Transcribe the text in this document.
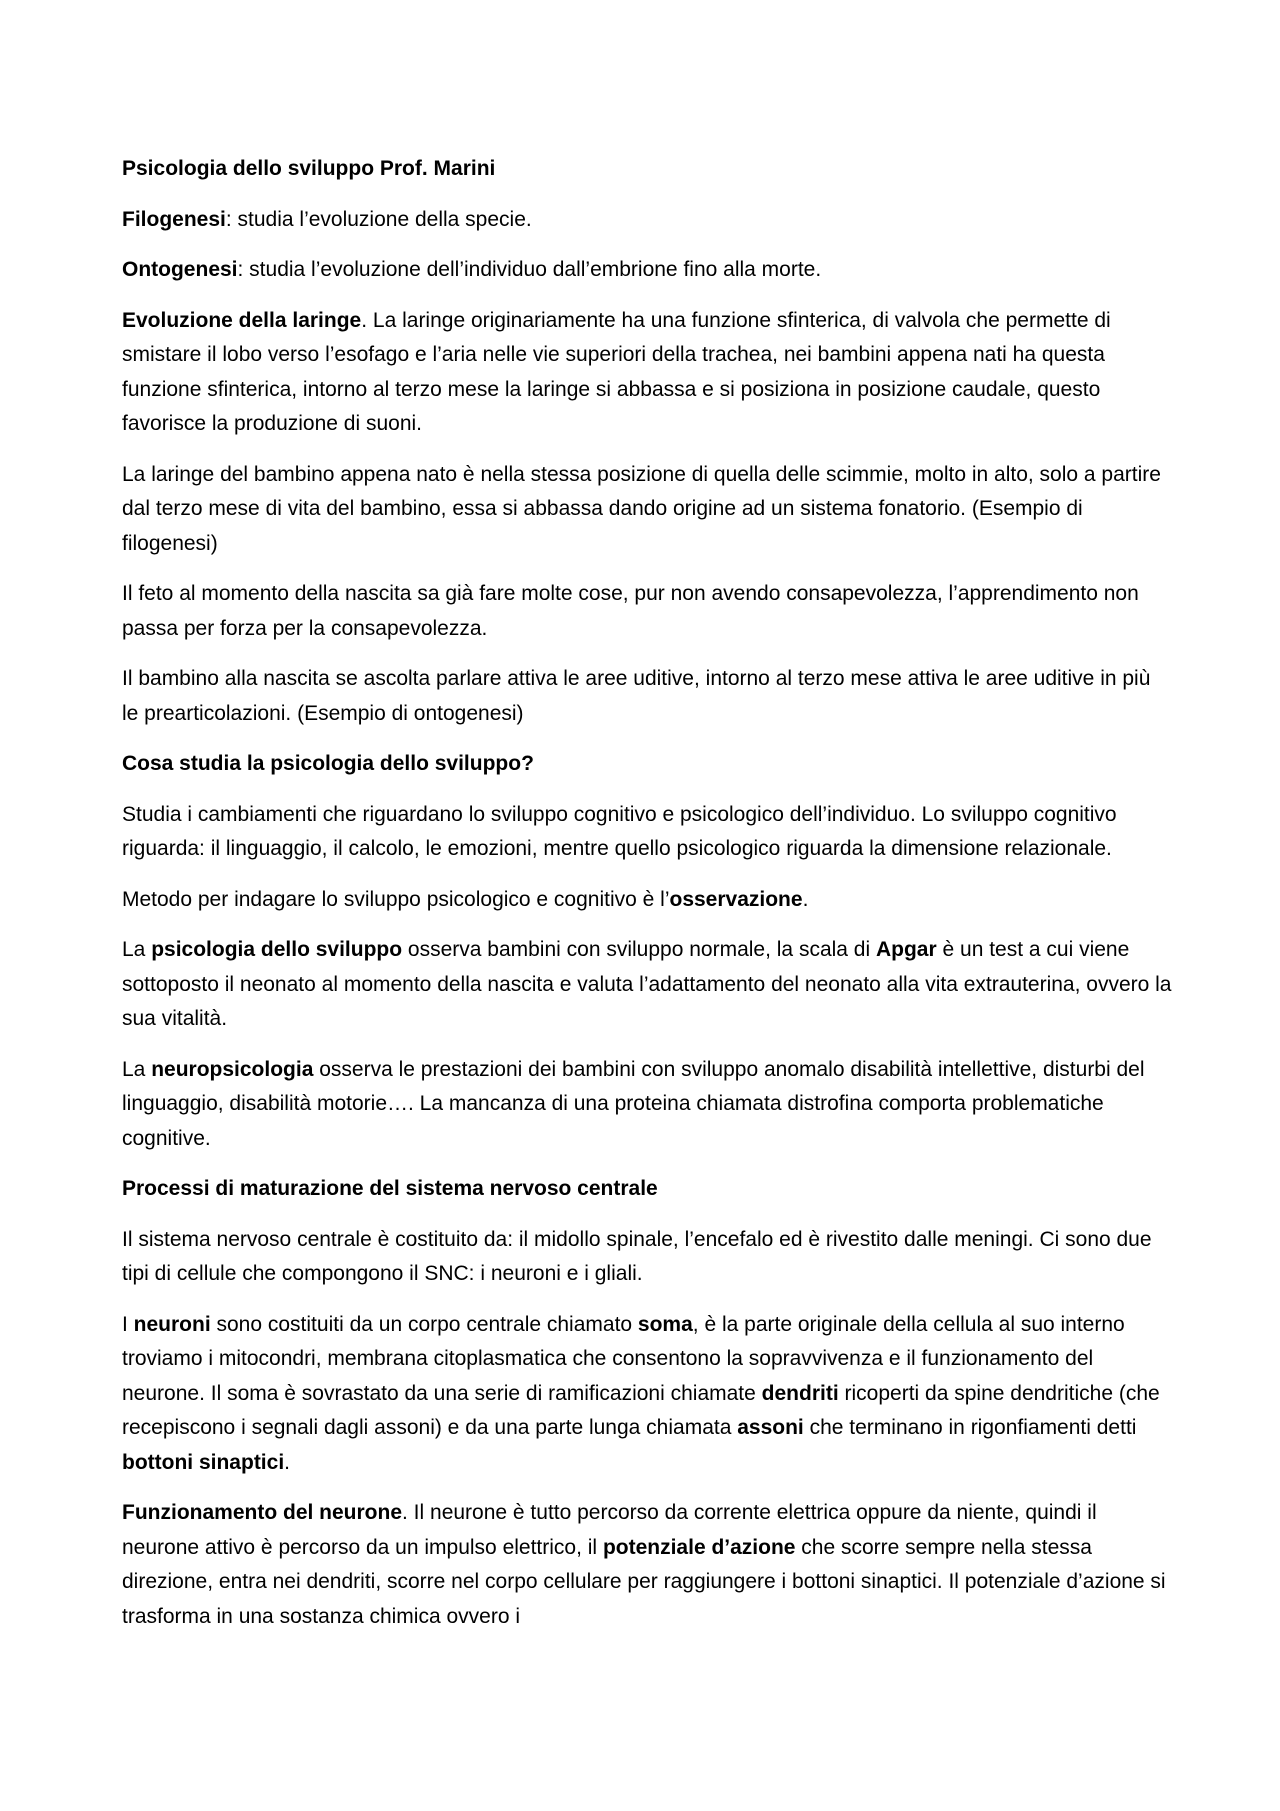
Psicologia dello sviluppo Prof. Marini

Filogenesi: studia l’evoluzione della specie.

Ontogenesi: studia l’evoluzione dell’individuo dall’embrione fino alla morte.

Evoluzione della laringe. La laringe originariamente ha una funzione sfinterica, di valvola che permette di smistare il lobo verso l’esofago e l’aria nelle vie superiori della trachea, nei bambini appena nati ha questa funzione sfinterica, intorno al terzo mese la laringe si abbassa e si posiziona in posizione caudale, questo favorisce la produzione di suoni.

La laringe del bambino appena nato è nella stessa posizione di quella delle scimmie, molto in alto, solo a partire dal terzo mese di vita del bambino, essa si abbassa dando origine ad un sistema fonatorio. (Esempio di filogenesi)

Il feto al momento della nascita sa già fare molte cose, pur non avendo consapevolezza, l’apprendimento non passa per forza per la consapevolezza.

Il bambino alla nascita se ascolta parlare attiva le aree uditive, intorno al terzo mese attiva le aree uditive in più le prearticolazioni. (Esempio di ontogenesi)

Cosa studia la psicologia dello sviluppo?

Studia i cambiamenti che riguardano lo sviluppo cognitivo e psicologico dell’individuo. Lo sviluppo cognitivo riguarda: il linguaggio, il calcolo, le emozioni, mentre quello psicologico riguarda la dimensione relazionale.

Metodo per indagare lo sviluppo psicologico e cognitivo è l’osservazione.

La psicologia dello sviluppo osserva bambini con sviluppo normale, la scala di Apgar è un test a cui viene sottoposto il neonato al momento della nascita e valuta l’adattamento del neonato alla vita extrauterina, ovvero la sua vitalità.

La neuropsicologia osserva le prestazioni dei bambini con sviluppo anomalo disabilità intellettive, disturbi del linguaggio, disabilità motorie…. La mancanza di una proteina chiamata distrofina comporta problematiche cognitive.

Processi di maturazione del sistema nervoso centrale

Il sistema nervoso centrale è costituito da: il midollo spinale, l’encefalo ed è rivestito dalle meningi. Ci sono due tipi di cellule che compongono il SNC: i neuroni e i gliali.

I neuroni sono costituiti da un corpo centrale chiamato soma, è la parte originale della cellula al suo interno troviamo i mitocondri, membrana citoplasmatica che consentono la sopravvivenza e il funzionamento del neurone. Il soma è sovrastato da una serie di ramificazioni chiamate dendriti ricoperti da spine dendritiche (che recepiscono i segnali dagli assoni) e da una parte lunga chiamata assoni che terminano in rigonfiamenti detti bottoni sinaptici.

Funzionamento del neurone. Il neurone è tutto percorso da corrente elettrica oppure da niente, quindi il neurone attivo è percorso da un impulso elettrico, il potenziale d’azione che scorre sempre nella stessa direzione, entra nei dendriti, scorre nel corpo cellulare per raggiungere i bottoni sinaptici. Il potenziale d’azione si trasforma in una sostanza chimica ovvero i
